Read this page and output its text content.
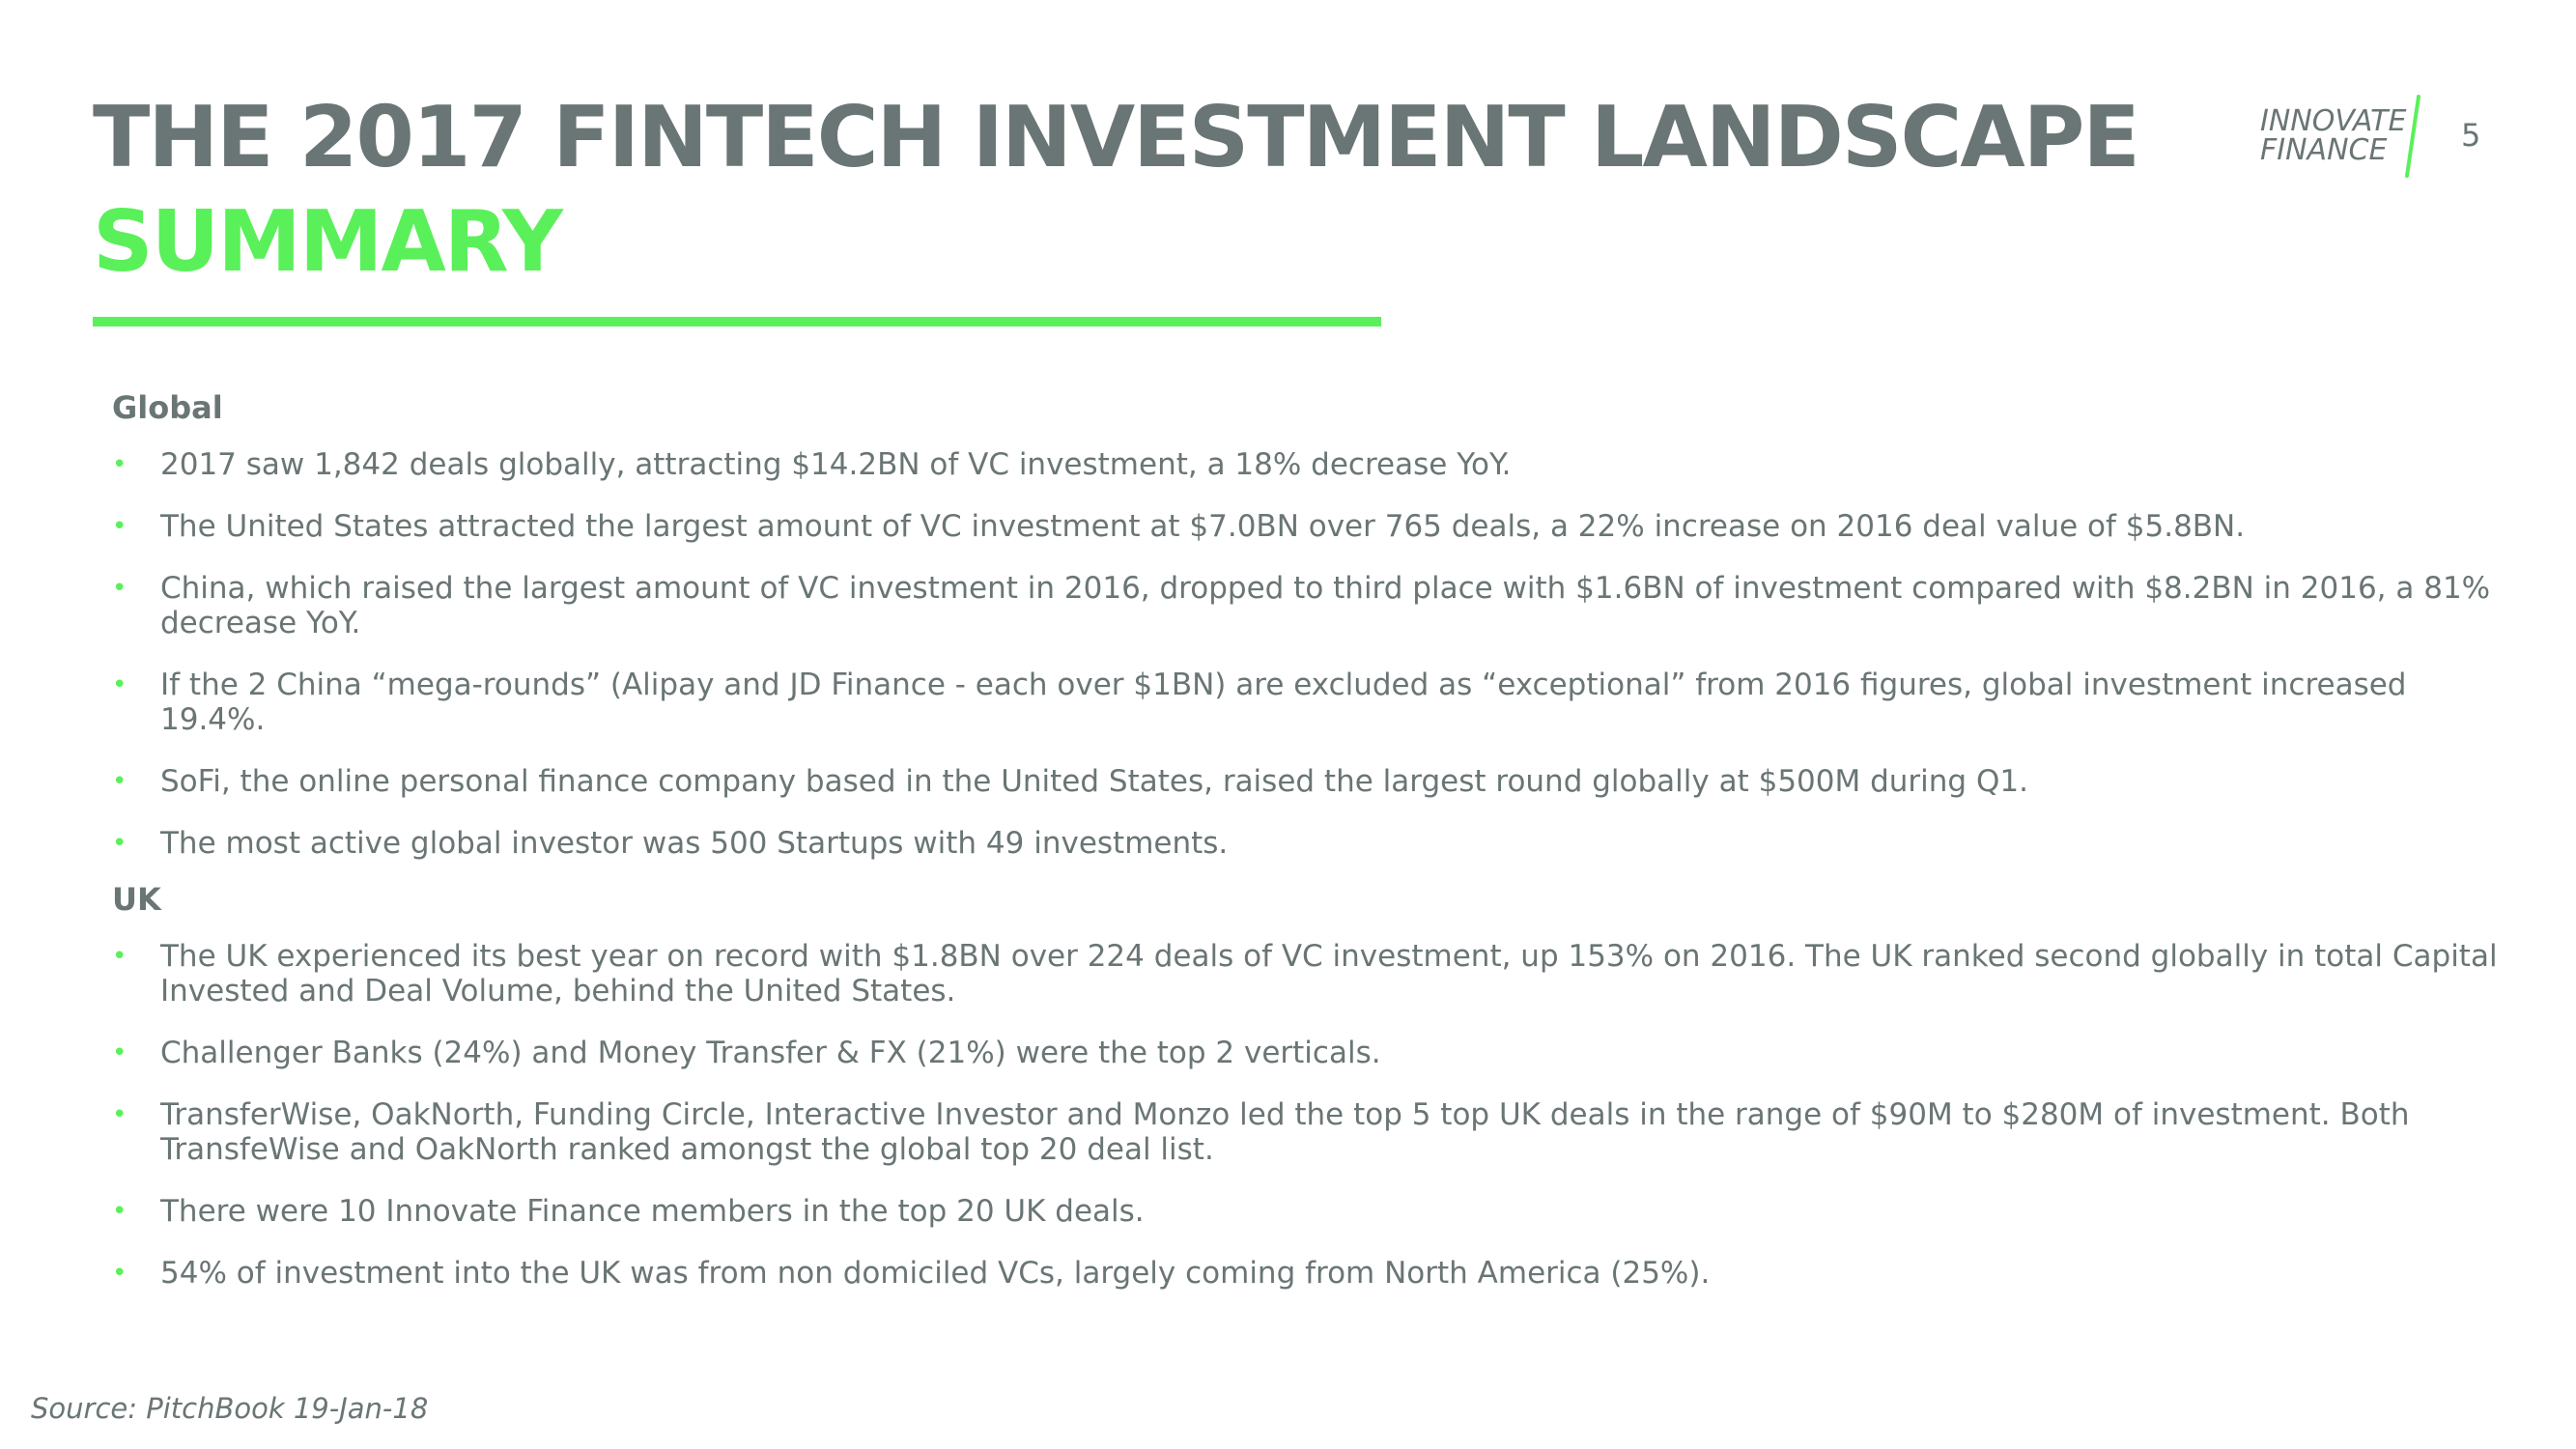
THE 2017 FINTECH INVESTMENT LANDSCAPE
SUMMARY
INNOVATE
FINANCE 5
Global
• 2017 saw 1,842 deals globally, attracting $14.2BN of VC investment, a 18% decrease YoY.
• The United States attracted the largest amount of VC investment at $7.0BN over 765 deals, a 22% increase on 2016 deal value of $5.8BN.
• China, which raised the largest amount of VC investment in 2016, dropped to third place with $1.6BN of investment compared with $8.2BN in 2016, a 81% decrease YoY.
• If the 2 China “mega-rounds” (Alipay and JD Finance - each over $1BN) are excluded as “exceptional” from 2016 figures, global investment increased 19.4%.
• SoFi, the online personal finance company based in the United States, raised the largest round globally at $500M during Q1.
• The most active global investor was 500 Startups with 49 investments.
UK
• The UK experienced its best year on record with $1.8BN over 224 deals of VC investment, up 153% on 2016. The UK ranked second globally in total Capital Invested and Deal Volume, behind the United States.
• Challenger Banks (24%) and Money Transfer & FX (21%) were the top 2 verticals.
• TransferWise, OakNorth, Funding Circle, Interactive Investor and Monzo led the top 5 top UK deals in the range of $90M to $280M of investment. Both TransfeWise and OakNorth ranked amongst the global top 20 deal list.
• There were 10 Innovate Finance members in the top 20 UK deals.
• 54% of investment into the UK was from non domiciled VCs, largely coming from North America (25%).
Source: PitchBook 19-Jan-18
